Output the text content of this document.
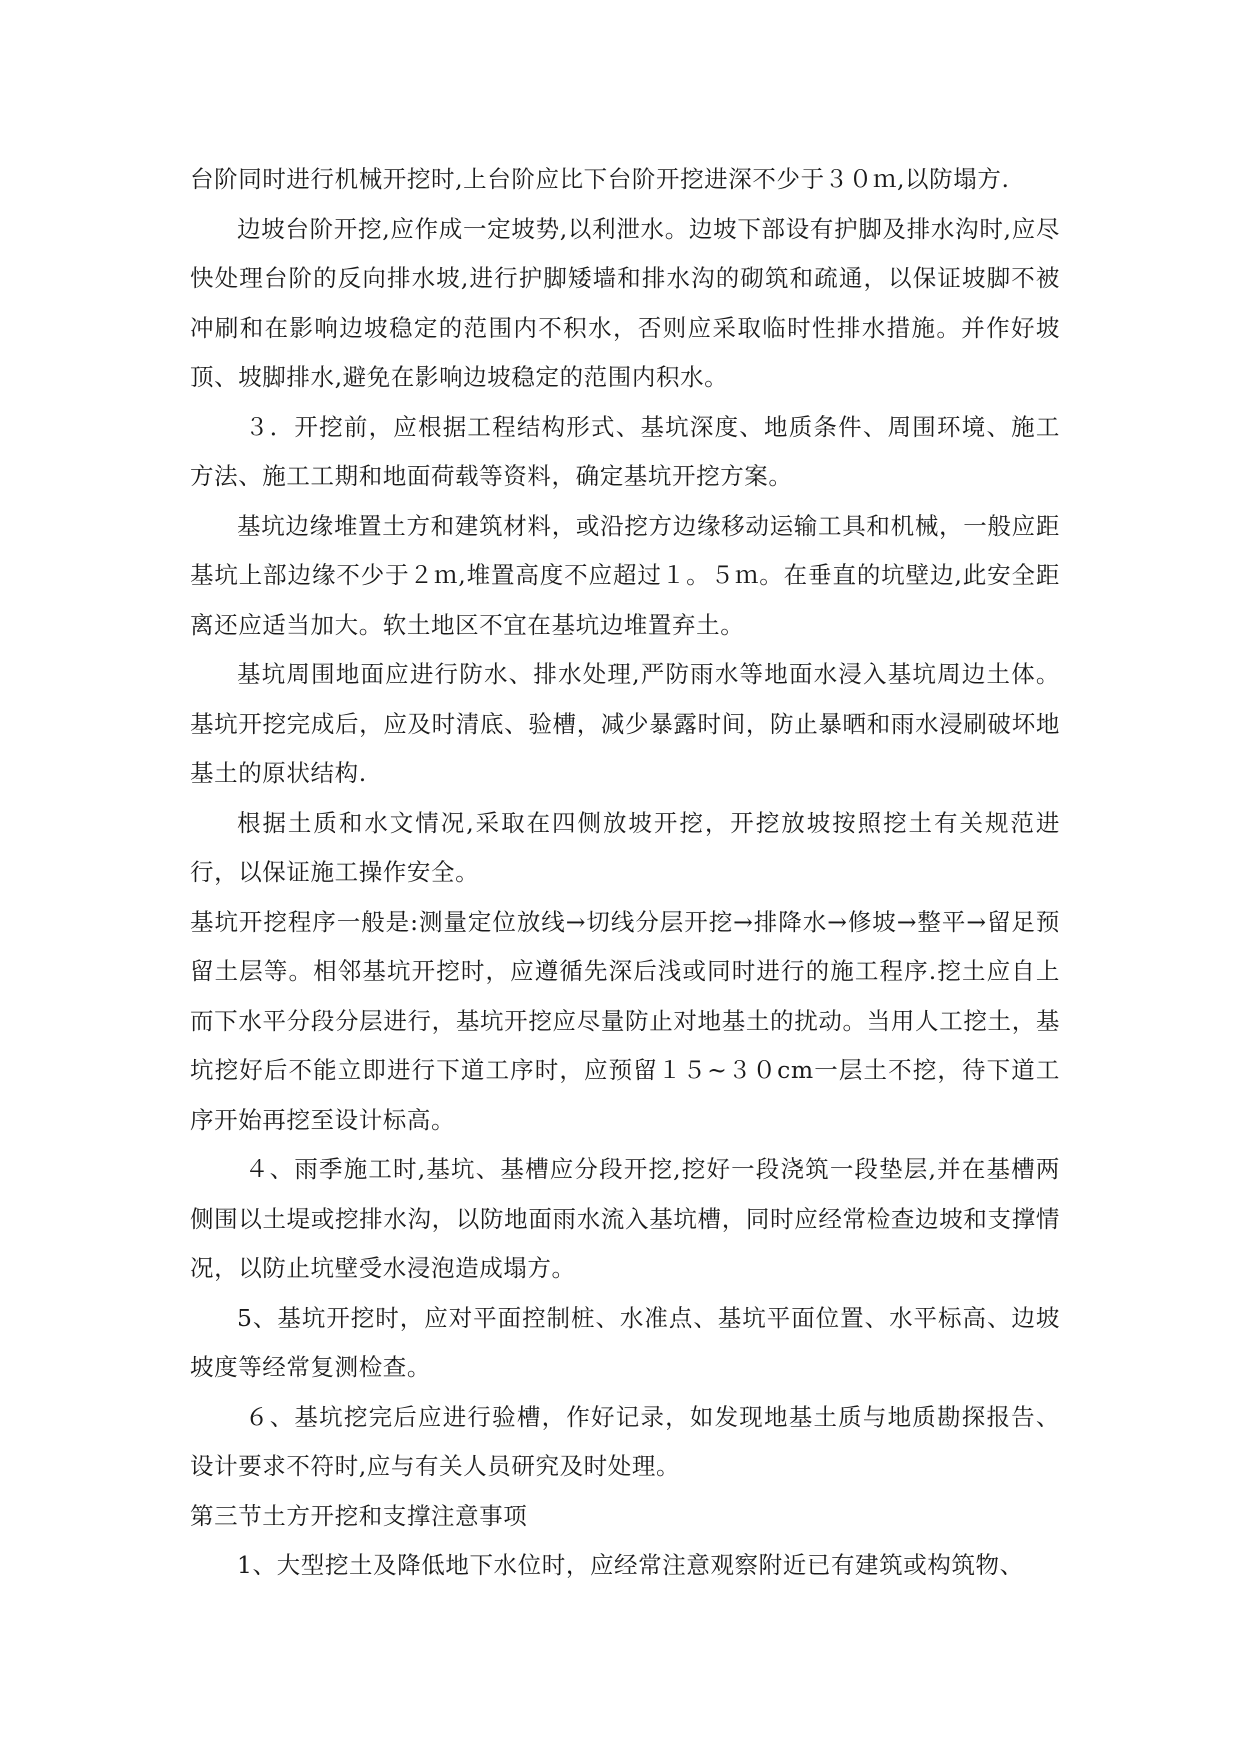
台阶同时进行机械开挖时,上台阶应比下台阶开挖进深不少于３０ｍ,以防塌方.

边坡台阶开挖,应作成一定坡势,以利泄水。边坡下部设有护脚及排水沟时,应尽快处理台阶的反向排水坡,进行护脚矮墙和排水沟的砌筑和疏通，以保证坡脚不被冲刷和在影响边坡稳定的范围内不积水，否则应采取临时性排水措施。并作好坡顶、坡脚排水,避免在影响边坡稳定的范围内积水。

３．开挖前，应根据工程结构形式、基坑深度、地质条件、周围环境、施工方法、施工工期和地面荷载等资料，确定基坑开挖方案。

基坑边缘堆置土方和建筑材料，或沿挖方边缘移动运输工具和机械，一般应距基坑上部边缘不少于２ｍ,堆置高度不应超过１。５ｍ。在垂直的坑壁边,此安全距离还应适当加大。软土地区不宜在基坑边堆置弃土。

基坑周围地面应进行防水、排水处理,严防雨水等地面水浸入基坑周边土体。基坑开挖完成后，应及时清底、验槽，减少暴露时间，防止暴晒和雨水浸刷破坏地基土的原状结构.

根据土质和水文情况,采取在四侧放坡开挖，开挖放坡按照挖土有关规范进行，以保证施工操作安全。

基坑开挖程序一般是:测量定位放线→切线分层开挖→排降水→修坡→整平→留足预留土层等。相邻基坑开挖时，应遵循先深后浅或同时进行的施工程序.挖土应自上而下水平分段分层进行，基坑开挖应尽量防止对地基土的扰动。当用人工挖土，基坑挖好后不能立即进行下道工序时，应预留１５~３０cm一层土不挖，待下道工序开始再挖至设计标高。

４、雨季施工时,基坑、基槽应分段开挖,挖好一段浇筑一段垫层,并在基槽两侧围以土堤或挖排水沟，以防地面雨水流入基坑槽，同时应经常检查边坡和支撑情况，以防止坑壁受水浸泡造成塌方。

5、基坑开挖时，应对平面控制桩、水准点、基坑平面位置、水平标高、边坡坡度等经常复测检查。

６、基坑挖完后应进行验槽，作好记录，如发现地基土质与地质勘探报告、设计要求不符时,应与有关人员研究及时处理。

第三节土方开挖和支撑注意事项

1、大型挖土及降低地下水位时，应经常注意观察附近已有建筑或构筑物、
